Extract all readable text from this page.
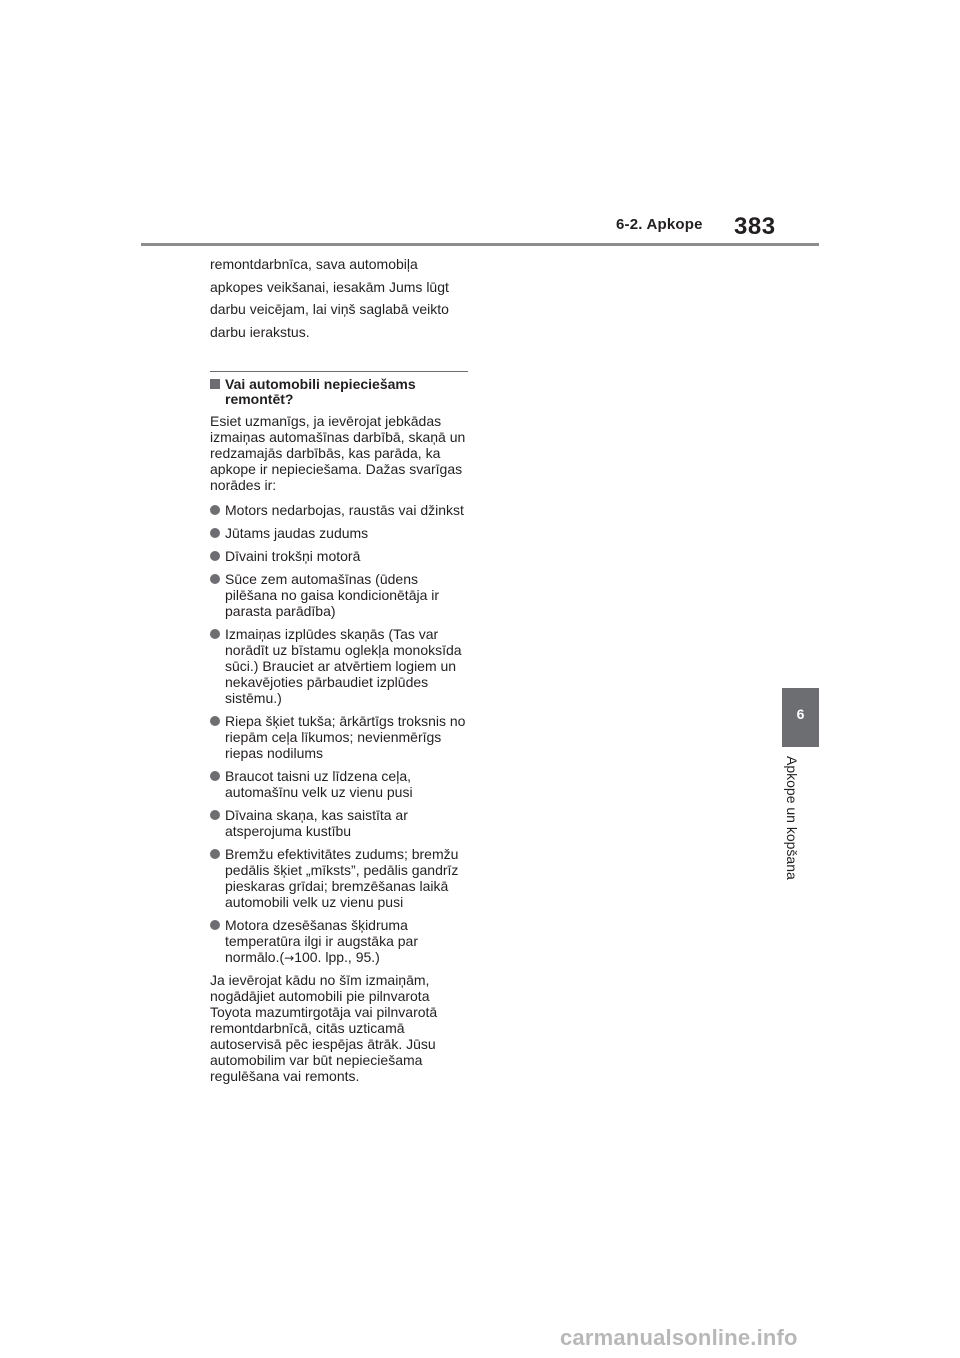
6-2. Apkope 383
6
Apkope un kopšana

remontdarbnīca, sava automobiļa apkopes veikšanai, iesakām Jums lūgt darbu veicējam, lai viņš saglabā veikto darbu ierakstus.

Vai automobili nepieciešams remontēt?

Esiet uzmanīgs, ja ievērojat jebkādas izmaiņas automašīnas darbībā, skaņā un redzamajās darbībās, kas parāda, ka apkope ir nepieciešama. Dažas svarīgas norādes ir:

Motors nedarbojas, raustās vai džinkst
Jūtams jaudas zudums
Dīvaini trokšņi motorā
Sūce zem automašīnas (ūdens pilēšana no gaisa kondicionētāja ir parasta parādība)
Izmaiņas izplūdes skaņās (Tas var norādīt uz bīstamu oglekļa monoksīda sūci.) Brauciet ar atvērtiem logiem un nekavējoties pārbaudiet izplūdes sistēmu.)
Riepa šķiet tukša; ārkārtīgs troksnis no riepām ceļa līkumos; nevienmērīgs riepas nodilums
Braucot taisni uz līdzena ceļa, automašīnu velk uz vienu pusi
Dīvaina skaņa, kas saistīta ar atsperojuma kustību
Bremžu efektivitātes zudums; bremžu pedālis šķiet „mīksts”, pedālis gandrīz pieskaras grīdai; bremzēšanas laikā automobili velk uz vienu pusi
Motora dzesēšanas šķidruma temperatūra ilgi ir augstāka par normālo.(→100. lpp., 95.)

Ja ievērojat kādu no šīm izmaiņām, nogādājiet automobili pie pilnvarota Toyota mazumtirgotāja vai pilnvarotā remontdarbnīcā, citās uzticamā autoservisā pēc iespējas ātrāk. Jūsu automobilim var būt nepieciešama regulēšana vai remonts.

carmanualsonline.info
